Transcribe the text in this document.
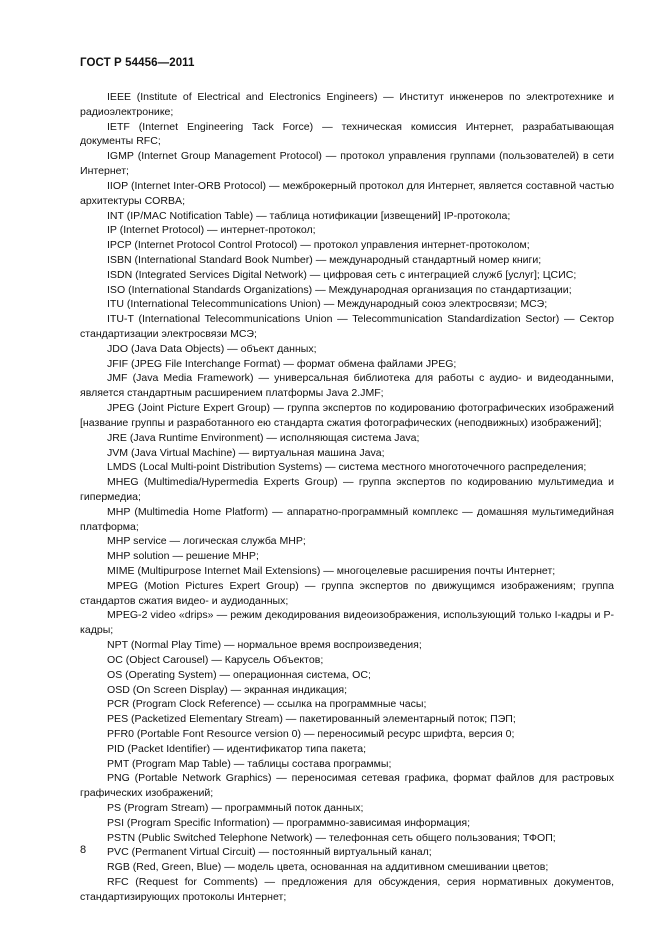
ГОСТ Р 54456—2011
IEEE (Institute of Electrical and Electronics Engineers) — Институт инженеров по электротехнике и радиоэлектронике;
IETF (Internet Engineering Tack Force) — техническая комиссия Интернет, разрабатывающая документы RFC;
IGMP (Internet Group Management Protocol) — протокол управления группами (пользователей) в сети Интернет;
IIOP (Internet Inter-ORB Protocol) — межброкерный протокол для Интернет, является составной частью архитектуры CORBA;
INT (IP/MAC Notification Table) — таблица нотификации [извещений] IP-протокола;
IP (Internet Protocol) — интернет-протокол;
IPCP (Internet Protocol Control Protocol) — протокол управления интернет-протоколом;
ISBN (International Standard Book Number) — международный стандартный номер книги;
ISDN (Integrated Services Digital Network) — цифровая сеть с интеграцией служб [услуг]; ЦСИС;
ISO (International Standards Organizations) — Международная организация по стандартизации;
ITU (International Telecommunications Union) — Международный союз электросвязи; МСЭ;
ITU-T (International Telecommunications Union — Telecommunication Standardization Sector) — Сектор стандартизации электросвязи МСЭ;
JDO (Java Data Objects) — объект данных;
JFIF (JPEG File Interchange Format) — формат обмена файлами JPEG;
JMF (Java Media Framework) — универсальная библиотека для работы с аудио- и видеоданными, является стандартным расширением платформы Java 2.JMF;
JPEG (Joint Picture Expert Group) — группа экспертов по кодированию фотографических изображений [название группы и разработанного ею стандарта сжатия фотографических (неподвижных) изображений];
JRE (Java Runtime Environment) — исполняющая система Java;
JVM (Java Virtual Machine) — виртуальная машина Java;
LMDS (Local Multi-point Distribution Systems) — система местного многоточечного распределения;
MHEG (Multimedia/Hypermedia Experts Group) — группа экспертов по кодированию мультимедиа и гипермедиа;
MHP (Multimedia Home Platform) — аппаратно-программный комплекс — домашняя мультимедийная платформа;
MHP service — логическая служба MHP;
MHP solution — решение MHP;
MIME (Multipurpose Internet Mail Extensions) — многоцелевые расширения почты Интернет;
MPEG (Motion Pictures Expert Group) — группа экспертов по движущимся изображениям; группа стандартов сжатия видео- и аудиоданных;
MPEG-2 video «drips» — режим декодирования видеоизображения, использующий только I-кадры и P-кадры;
NPT (Normal Play Time) — нормальное время воспроизведения;
OC (Object Carousel) — Карусель Объектов;
OS (Operating System) — операционная система, ОС;
OSD (On Screen Display) — экранная индикация;
PCR (Program Clock Reference) — ссылка на программные часы;
PES (Packetized Elementary Stream) — пакетированный элементарный поток; ПЭП;
PFR0 (Portable Font Resource version 0) — переносимый ресурс шрифта, версия 0;
PID (Packet Identifier) — идентификатор типа пакета;
PMT (Program Map Table) — таблицы состава программы;
PNG (Portable Network Graphics) — переносимая сетевая графика, формат файлов для растровых графических изображений;
PS (Program Stream) — программный поток данных;
PSI (Program Specific Information) — программно-зависимая информация;
PSTN (Public Switched Telephone Network) — телефонная сеть общего пользования; ТФОП;
PVC (Permanent Virtual Circuit) — постоянный виртуальный канал;
RGB (Red, Green, Blue) — модель цвета, основанная на аддитивном смешивании цветов;
RFC (Request for Comments) — предложения для обсуждения, серия нормативных документов, стандартизирующих протоколы Интернет;
8
